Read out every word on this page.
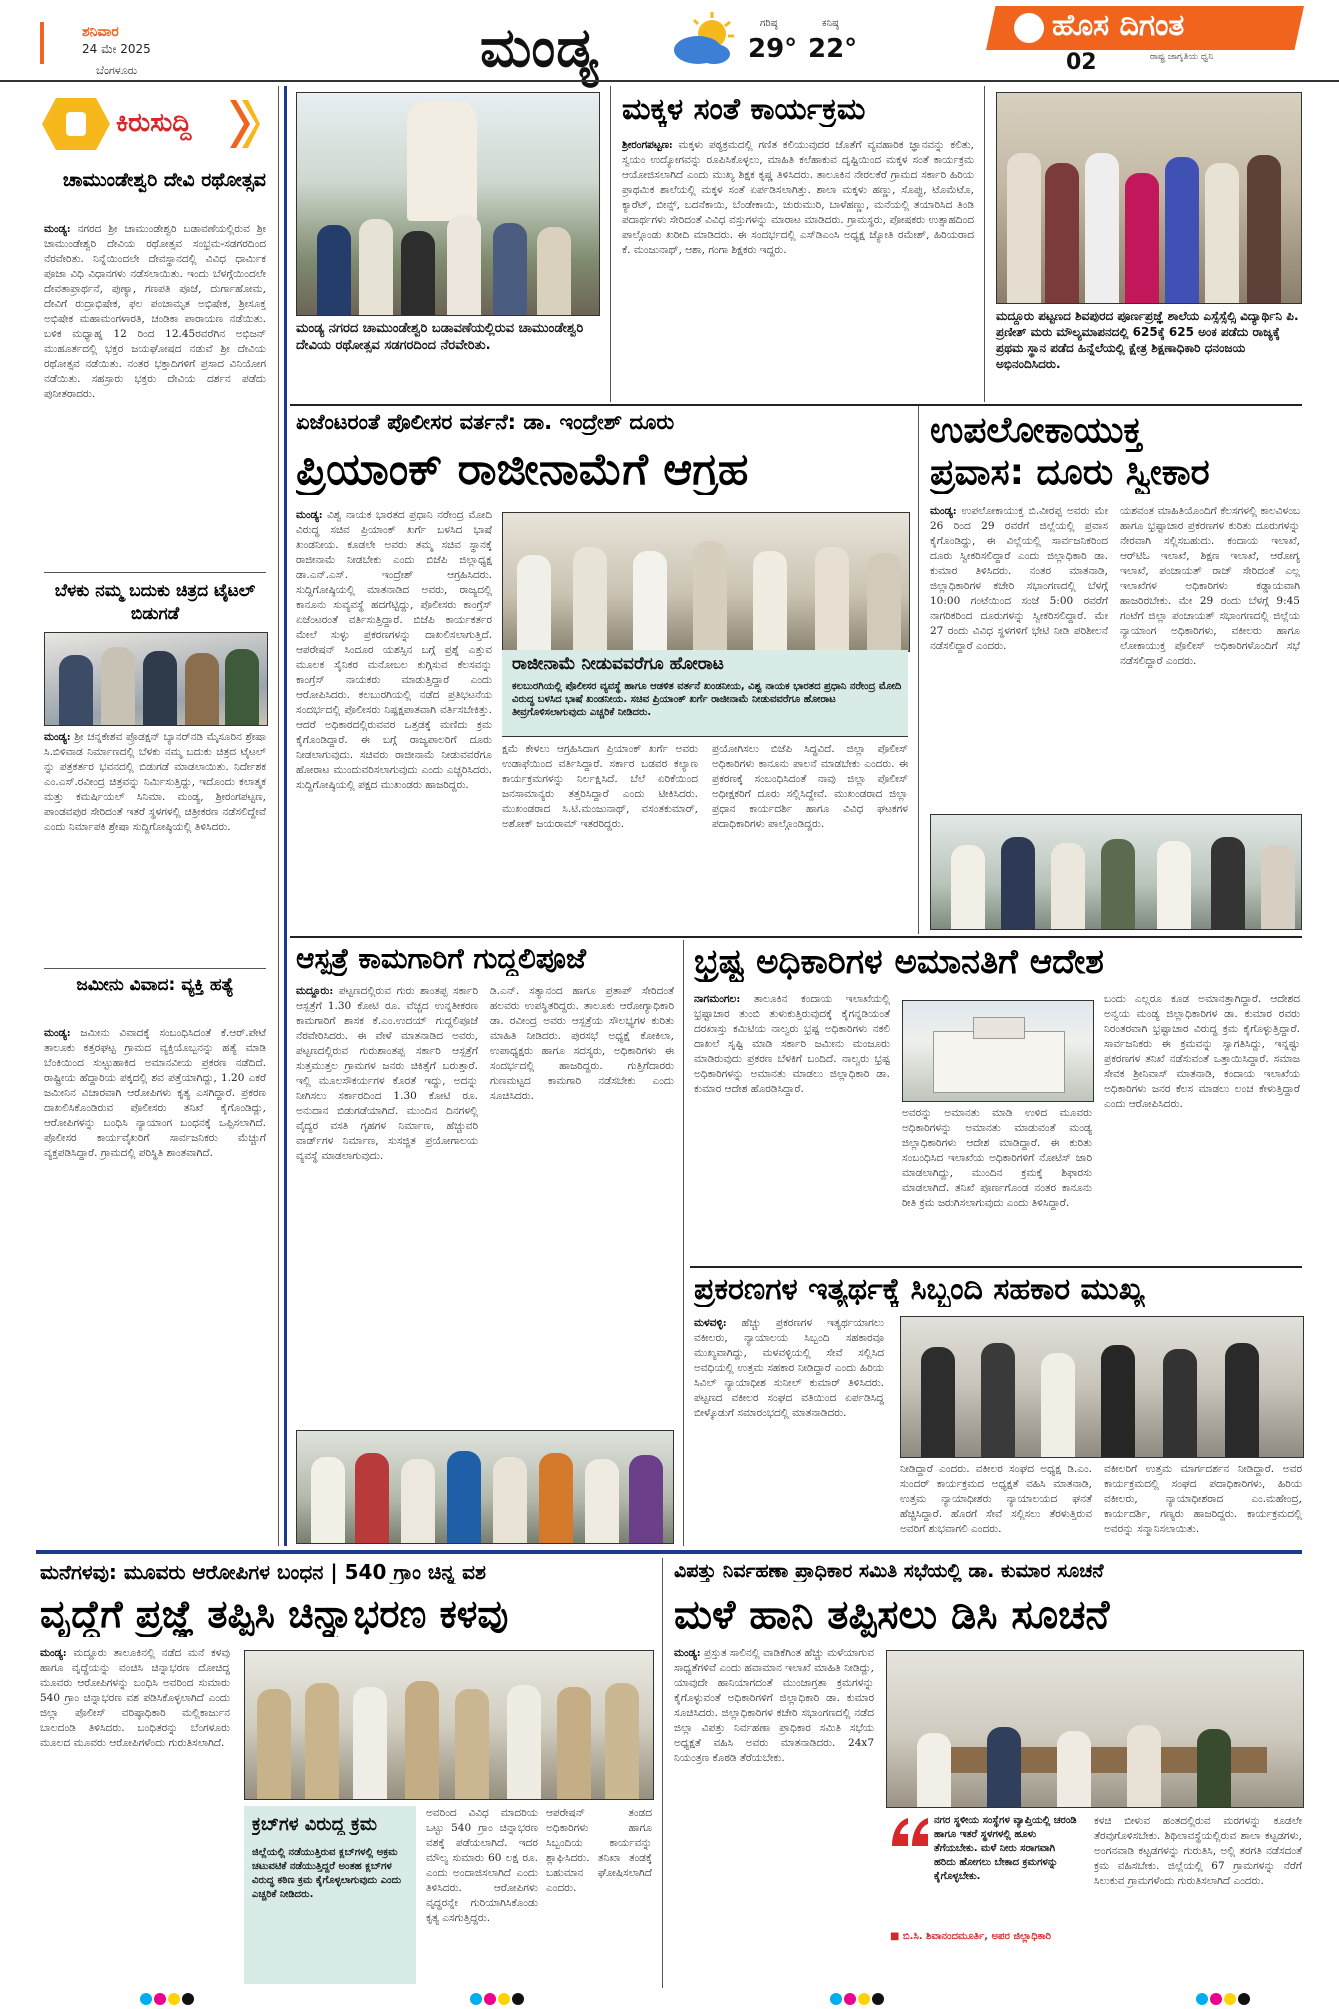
ಶನಿವಾರ
24 ಮೇ 2025
ಬೆಂಗಳೂರು	ಮಂಡ್ಯ	ಗರಿಷ್ಠ
29°
ಕನಿಷ್ಠ
22°
ಹೊಸ ದಿಗಂತ
ರಾಷ್ಟ್ರ ಜಾಗೃತಿಯ ಧ್ವನಿ
02
ಕಿರುಸುದ್ದಿ
ಚಾಮುಂಡೇಶ್ವರಿ ದೇವಿ ರಥೋತ್ಸವ
ಮಂಡ್ಯ: ನಗರದ ಶ್ರೀ ಚಾಮುಂಡೇಶ್ವರಿ ಬಡಾವಣೆಯಲ್ಲಿರುವ ಶ್ರೀ ಚಾಮುಂಡೇಶ್ವರಿ ದೇವಿಯ ರಥೋತ್ಸವ ಸಂಭ್ರಮ-ಸಡಗರದಿಂದ ನೆರವೇರಿತು. ನಿನ್ನೆಯಿಂದಲೇ ದೇವಸ್ಥಾನದಲ್ಲಿ ವಿವಿಧ ಧಾರ್ಮಿಕ ಪೂಜಾ ವಿಧಿ ವಿಧಾನಗಳು ನಡೆಸಲಾಯಿತು. ಇಂದು ಬೆಳಗ್ಗೆಯಿಂದಲೇ ದೇವತಾಪ್ರಾರ್ಥನೆ, ಪುಣ್ಯಾ, ಗಣಪತಿ ಪೂಜೆ, ದುರ್ಗಾಹೋಮ, ದೇವಿಗೆ ರುದ್ರಾಭಿಷೇಕ, ಫಲ ಪಂಚಾಮೃತ ಅಭಿಷೇಕ, ಶ್ರೀಸೂಕ್ತ ಅಭಿಷೇಕ ಮಹಾಮಂಗಳಾರತಿ, ಚಂಡಿಕಾ ಪಾರಾಯಣ ನಡೆಯಿತು. ಬಳಿಕ ಮಧ್ಯಾಹ್ನ 12 ರಿಂದ 12.45ರವರೆಗಿನ ಅಭಿಜನ್ ಮುಹೂರ್ತದಲ್ಲಿ ಭಕ್ತರ ಜಯಘೋಷದ ನಡುವೆ ಶ್ರೀ ದೇವಿಯ ರಥೋತ್ಸವ ನಡೆಯಿತು. ನಂತರ ಭಕ್ತಾದಿಗಳಿಗೆ ಪ್ರಸಾದ ವಿನಿಯೋಗ ನಡೆಯಿತು. ಸಹಸ್ರಾರು ಭಕ್ತರು ದೇವಿಯ ದರ್ಶನ ಪಡೆದು ಪುನೀತರಾದರು.
ಬೆಳಕು ನಮ್ಮ ಬದುಕು ಚಿತ್ರದ ಟೈಟಲ್ ಬಿಡುಗಡೆ
ಮಂಡ್ಯ: ಶ್ರೀ ಚನ್ನಕೇಶವ ಪ್ರೊಡಕ್ಷನ್ ಬ್ಯಾನರ್‌ನಡಿ ಮೈಸೂರಿನ ಶ್ರೇಷಾ ಸಿ.ಬಿಳಿವಾಡ ನಿರ್ಮಾಣದಲ್ಲಿ ಬೆಳಕು ನಮ್ಮ ಬದುಕು ಚಿತ್ರದ ಟೈಟಲ್ ನ್ನು ಪತ್ರಕರ್ತರ ಭವನದಲ್ಲಿ ಬಿಡುಗಡೆ ಮಾಡಲಾಯಿತು. ನಿರ್ದೇಶಕ ಎಂ.ಎಸ್.ರವೀಂದ್ರ ಚಿತ್ರವನ್ನು ನಿರ್ಮಿಸುತ್ತಿದ್ದು, ಇದೊಂದು ಕಲಾತ್ಮಕ ಮತ್ತು ಕಮರ್ಷಿಯಲ್ ಸಿನಿಮಾ. ಮಂಡ್ಯ, ಶ್ರೀರಂಗಪಟ್ಟಣ, ಪಾಂಡವಪುರ ಸೇರಿದಂತೆ ಇತರೆ ಸ್ಥಳಗಳಲ್ಲಿ ಚಿತ್ರೀಕರಣ ನಡೆಸಲಿದ್ದೇವೆ ಎಂದು ನಿರ್ಮಾಪಕಿ ಶ್ರೇಷಾ ಸುದ್ದಿಗೋಷ್ಠಿಯಲ್ಲಿ ತಿಳಿಸಿದರು.
ಜಮೀನು ವಿವಾದ: ವ್ಯಕ್ತಿ ಹತ್ಯೆ
ಮಂಡ್ಯ: ಜಮೀನು ವಿವಾದಕ್ಕೆ ಸಂಬಂಧಿಸಿದಂತೆ ಕೆ.ಆರ್.ಪೇಟೆ ತಾಲೂಕು ಕತ್ತರಘಟ್ಟ ಗ್ರಾಮದ ವ್ಯಕ್ತಿಯೊಬ್ಬನನ್ನು ಹತ್ಯೆ ಮಾಡಿ ಬೆಂಕಿಯಿಂದ ಸುಟ್ಟುಹಾಕಿದ ಅಮಾನವೀಯ ಪ್ರಕರಣ ನಡೆದಿದೆ. ರಾಷ್ಟ್ರೀಯ ಹೆದ್ದಾರಿಯ ಪಕ್ಕದಲ್ಲಿ ಶವ ಪತ್ತೆಯಾಗಿದ್ದು, 1.20 ಎಕರೆ ಜಮೀನಿನ ವಿಚಾರವಾಗಿ ಆರೋಪಿಗಳು ಕೃತ್ಯ ಎಸಗಿದ್ದಾರೆ. ಪ್ರಕರಣ ದಾಖಲಿಸಿಕೊಂಡಿರುವ ಪೊಲೀಸರು ತನಿಖೆ ಕೈಗೊಂಡಿದ್ದು, ಆರೋಪಿಗಳನ್ನು ಬಂಧಿಸಿ ನ್ಯಾಯಾಂಗ ಬಂಧನಕ್ಕೆ ಒಪ್ಪಿಸಲಾಗಿದೆ. ಪೊಲೀಸರ ಕಾರ್ಯವೈಖರಿಗೆ ಸಾರ್ವಜನಿಕರು ಮೆಚ್ಚುಗೆ ವ್ಯಕ್ತಪಡಿಸಿದ್ದಾರೆ. ಗ್ರಾಮದಲ್ಲಿ ಪರಿಸ್ಥಿತಿ ಶಾಂತವಾಗಿದೆ.
ಮಂಡ್ಯ ನಗರದ ಚಾಮುಂಡೇಶ್ವರಿ ಬಡಾವಣೆಯಲ್ಲಿರುವ ಚಾಮುಂಡೇಶ್ವರಿ ದೇವಿಯ ರಥೋತ್ಸವ ಸಡಗರದಿಂದ ನೆರವೇರಿತು.
ಮಕ್ಕಳ ಸಂತೆ ಕಾರ್ಯಕ್ರಮ
ಶ್ರೀರಂಗಪಟ್ಟಣ: ಮಕ್ಕಳು ಪಠ್ಯಕ್ರಮದಲ್ಲಿ ಗಣಿತ ಕಲಿಯುವುದರ ಜೊತೆಗೆ ವ್ಯವಹಾರಿಕ ಜ್ಞಾನವನ್ನು ಕಲಿತು, ಸ್ವಯಂ ಉದ್ಯೋಗವನ್ನು ರೂಪಿಸಿಕೊಳ್ಳಲು, ಮಾಹಿತಿ ಕಲೆಹಾಕುವ ದೃಷ್ಟಿಯಿಂದ ಮಕ್ಕಳ ಸಂತೆ ಕಾರ್ಯಕ್ರಮ ಆಯೋಜಿಸಲಾಗಿದೆ ಎಂದು ಮುಖ್ಯ ಶಿಕ್ಷಕ ಕೃಷ್ಣ ತಿಳಿಸಿದರು. ತಾಲೂಕಿನ ನೇರಲಕೆರೆ ಗ್ರಾಮದ ಸರ್ಕಾರಿ ಹಿರಿಯ ಪ್ರಾಥಮಿಕ ಶಾಲೆಯಲ್ಲಿ ಮಕ್ಕಳ ಸಂತೆ ಏರ್ಪಡಿಸಲಾಗಿತ್ತು. ಶಾಲಾ ಮಕ್ಕಳು ಹಣ್ಣು, ಸೊಪ್ಪು, ಟೊಮೆಟೊ, ಕ್ಯಾರೆಟ್, ಬೀನ್ಸ್, ಬದನೆಕಾಯಿ, ಬೆಂಡೇಕಾಯಿ, ಚುರುಮುರಿ, ಬಾಳೆಹಣ್ಣು, ಮನೆಯಲ್ಲಿ ತಯಾರಿಸಿದ ತಿಂಡಿ ಪದಾರ್ಥಗಳು ಸೇರಿದಂತೆ ವಿವಿಧ ವಸ್ತುಗಳನ್ನು ಮಾರಾಟ ಮಾಡಿದರು. ಗ್ರಾಮಸ್ಥರು, ಪೋಷಕರು ಉತ್ಸಾಹದಿಂದ ಪಾಲ್ಗೊಂಡು ಖರೀದಿ ಮಾಡಿದರು. ಈ ಸಂದರ್ಭದಲ್ಲಿ ಎಸ್‌ಡಿಎಂಸಿ ಅಧ್ಯಕ್ಷ ಜ್ಯೋತಿ ರಮೇಶ್, ಹಿರಿಯರಾದ ಕೆ. ಮಂಜುನಾಥ್, ಆಶಾ, ಗಂಗಾ ಶಿಕ್ಷಕರು ಇದ್ದರು.
ಮದ್ದೂರು ಪಟ್ಟಣದ ಶಿವಪುರದ ಪೂರ್ಣಪ್ರಜ್ಞೆ ಶಾಲೆಯ ಎಸ್ಸೆಸ್ಸೆಲ್ಸಿ ವಿದ್ಯಾರ್ಥಿನಿ ಪಿ. ಪ್ರಣೀತ್ ಮರು ಮೌಲ್ಯಮಾಪನದಲ್ಲಿ 625ಕ್ಕೆ 625 ಅಂಕ ಪಡೆದು ರಾಜ್ಯಕ್ಕೆ ಪ್ರಥಮ ಸ್ಥಾನ ಪಡೆದ ಹಿನ್ನೆಲೆಯಲ್ಲಿ ಕ್ಷೇತ್ರ ಶಿಕ್ಷಣಾಧಿಕಾರಿ ಧನಂಜಯ ಅಭಿನಂದಿಸಿದರು.
ಏಜೆಂಟರಂತೆ ಪೊಲೀಸರ ವರ್ತನೆ: ಡಾ. ಇಂದ್ರೇಶ್ ದೂರು
ಪ್ರಿಯಾಂಕ್ ರಾಜೀನಾಮೆಗೆ ಆಗ್ರಹ
ಮಂಡ್ಯ: ವಿಶ್ವ ನಾಯಕ ಭಾರತದ ಪ್ರಧಾನಿ ನರೇಂದ್ರ ಮೋದಿ ವಿರುದ್ಧ ಸಚಿವ ಪ್ರಿಯಾಂಕ್ ಖರ್ಗೆ ಬಳಸಿದ ಭಾಷೆ ಖಂಡನೀಯ. ಕೂಡಲೇ ಅವರು ತಮ್ಮ ಸಚಿವ ಸ್ಥಾನಕ್ಕೆ ರಾಜೀನಾಮೆ ನೀಡಬೇಕು ಎಂದು ಬಿಜೆಪಿ ಜಿಲ್ಲಾಧ್ಯಕ್ಷ ಡಾ.ಎನ್.ಎಸ್. ಇಂದ್ರೇಶ್ ಆಗ್ರಹಿಸಿದರು. ಸುದ್ದಿಗೋಷ್ಠಿಯಲ್ಲಿ ಮಾತನಾಡಿದ ಅವರು, ರಾಜ್ಯದಲ್ಲಿ ಕಾನೂನು ಸುವ್ಯವಸ್ಥೆ ಹದಗೆಟ್ಟಿದ್ದು, ಪೊಲೀಸರು ಕಾಂಗ್ರೆಸ್ ಏಜೆಂಟರಂತೆ ವರ್ತಿಸುತ್ತಿದ್ದಾರೆ. ಬಿಜೆಪಿ ಕಾರ್ಯಕರ್ತರ ಮೇಲೆ ಸುಳ್ಳು ಪ್ರಕರಣಗಳನ್ನು ದಾಖಲಿಸಲಾಗುತ್ತಿದೆ. ಆಪರೇಷನ್ ಸಿಂದೂರ ಯಶಸ್ಸಿನ ಬಗ್ಗೆ ಪ್ರಶ್ನೆ ಎತ್ತುವ ಮೂಲಕ ಸೈನಿಕರ ಮನೋಬಲ ಕುಗ್ಗಿಸುವ ಕೆಲಸವನ್ನು ಕಾಂಗ್ರೆಸ್ ನಾಯಕರು ಮಾಡುತ್ತಿದ್ದಾರೆ ಎಂದು ಆರೋಪಿಸಿದರು. ಕಲಬುರಗಿಯಲ್ಲಿ ನಡೆದ ಪ್ರತಿಭಟನೆಯ ಸಂದರ್ಭದಲ್ಲಿ ಪೊಲೀಸರು ನಿಷ್ಪಕ್ಷಪಾತವಾಗಿ ವರ್ತಿಸಬೇಕಿತ್ತು. ಆದರೆ ಅಧಿಕಾರದಲ್ಲಿರುವವರ ಒತ್ತಡಕ್ಕೆ ಮಣಿದು ಕ್ರಮ ಕೈಗೊಂಡಿದ್ದಾರೆ. ಈ ಬಗ್ಗೆ ರಾಜ್ಯಪಾಲರಿಗೆ ದೂರು ನೀಡಲಾಗುವುದು. ಸಚಿವರು ರಾಜೀನಾಮೆ ನೀಡುವವರೆಗೂ ಹೋರಾಟ ಮುಂದುವರಿಸಲಾಗುವುದು ಎಂದು ಎಚ್ಚರಿಸಿದರು. ಸುದ್ದಿಗೋಷ್ಠಿಯಲ್ಲಿ ಪಕ್ಷದ ಮುಖಂಡರು ಹಾಜರಿದ್ದರು.
ರಾಜೀನಾಮೆ ನೀಡುವವರೆಗೂ ಹೋರಾಟ
ಕಲಬುರಗಿಯಲ್ಲಿ ಪೊಲೀಸರ ವ್ಯವಸ್ಥೆ ಹಾಗೂ ಆಡಳಿತ ವರ್ತನೆ ಖಂಡನೀಯ, ವಿಶ್ವ ನಾಯಕ ಭಾರತದ ಪ್ರಧಾನಿ ನರೇಂದ್ರ ಮೋದಿ ವಿರುದ್ಧ ಬಳಸಿದ ಭಾಷೆ ಖಂಡನೀಯ. ಸಚಿವ ಪ್ರಿಯಾಂಕ್ ಖರ್ಗೆ ರಾಜೀನಾಮೆ ನೀಡುವವರೆಗೂ ಹೋರಾಟ ತೀವ್ರಗೊಳಿಸಲಾಗುವುದು ಎಚ್ಚರಿಕೆ ನೀಡಿದರು.
ಕ್ಷಮೆ ಕೇಳಲು ಆಗ್ರಹಿಸಿದಾಗ ಪ್ರಿಯಾಂಕ್ ಖರ್ಗೆ ಅವರು ಉಡಾಫೆಯಿಂದ ವರ್ತಿಸಿದ್ದಾರೆ. ಸರ್ಕಾರ ಬಡವರ ಕಲ್ಯಾಣ ಕಾರ್ಯಕ್ರಮಗಳನ್ನು ನಿರ್ಲಕ್ಷಿಸಿದೆ. ಬೆಲೆ ಏರಿಕೆಯಿಂದ ಜನಸಾಮಾನ್ಯರು ತತ್ತರಿಸಿದ್ದಾರೆ ಎಂದು ಟೀಕಿಸಿದರು. ಮುಖಂಡರಾದ ಸಿ.ಟಿ.ಮಂಜುನಾಥ್, ವಸಂತಕುಮಾರ್, ಅಶೋಕ್ ಜಯರಾಮ್ ಇತರರಿದ್ದರು.
ಪ್ರಯೋಗಿಸಲು ಬಿಜೆಪಿ ಸಿದ್ಧವಿದೆ. ಜಿಲ್ಲಾ ಪೊಲೀಸ್ ಅಧಿಕಾರಿಗಳು ಕಾನೂನು ಪಾಲನೆ ಮಾಡಬೇಕು ಎಂದರು. ಈ ಪ್ರಕರಣಕ್ಕೆ ಸಂಬಂಧಿಸಿದಂತೆ ನಾವು ಜಿಲ್ಲಾ ಪೊಲೀಸ್ ಅಧೀಕ್ಷಕರಿಗೆ ದೂರು ಸಲ್ಲಿಸಿದ್ದೇವೆ. ಮುಖಂಡರಾದ ಜಿಲ್ಲಾ ಪ್ರಧಾನ ಕಾರ್ಯದರ್ಶಿ ಹಾಗೂ ವಿವಿಧ ಘಟಕಗಳ ಪದಾಧಿಕಾರಿಗಳು ಪಾಲ್ಗೊಂಡಿದ್ದರು.
ಉಪಲೋಕಾಯುಕ್ತ
ಪ್ರವಾಸ: ದೂರು ಸ್ವೀಕಾರ
ಮಂಡ್ಯ: ಉಪಲೋಕಾಯುಕ್ತ ಬಿ.ವೀರಪ್ಪ ಅವರು ಮೇ 26 ರಿಂದ 29 ರವರೆಗೆ ಜಿಲ್ಲೆಯಲ್ಲಿ ಪ್ರವಾಸ ಕೈಗೊಂಡಿದ್ದು, ಈ ವಿಲ್ಲೆಯಲ್ಲಿ ಸಾರ್ವಜನಿಕರಿಂದ ದೂರು ಸ್ವೀಕರಿಸಲಿದ್ದಾರೆ ಎಂದು ಜಿಲ್ಲಾಧಿಕಾರಿ ಡಾ. ಕುಮಾರ ತಿಳಿಸಿದರು. ನಂತರ ಮಾತನಾಡಿ, ಜಿಲ್ಲಾಧಿಕಾರಿಗಳ ಕಚೇರಿ ಸಭಾಂಗಣದಲ್ಲಿ ಬೆಳಗ್ಗೆ 10:00 ಗಂಟೆಯಿಂದ ಸಂಜೆ 5:00 ರವರೆಗೆ ನಾಗರಿಕರಿಂದ ದೂರುಗಳನ್ನು ಸ್ವೀಕರಿಸಲಿದ್ದಾರೆ. ಮೇ 27 ರಂದು ವಿವಿಧ ಸ್ಥಳಗಳಿಗೆ ಭೇಟಿ ನೀಡಿ ಪರಿಶೀಲನೆ ನಡೆಸಲಿದ್ದಾರೆ ಎಂದರು.
ಯಶವಂತ ಮಾಹಿತಿಯೊಂದಿಗೆ ಕೆಲಸಗಳಲ್ಲಿ ಕಾಲವಿಳಂಬ ಹಾಗೂ ಭ್ರಷ್ಟಾಚಾರ ಪ್ರಕರಣಗಳ ಕುರಿತು ದೂರುಗಳನ್ನು ನೇರವಾಗಿ ಸಲ್ಲಿಸಬಹುದು. ಕಂದಾಯ ಇಲಾಖೆ, ಆರ್‌ಟಿಓ ಇಲಾಖೆ, ಶಿಕ್ಷಣ ಇಲಾಖೆ, ಆರೋಗ್ಯ ಇಲಾಖೆ, ಪಂಚಾಯತ್ ರಾಜ್ ಸೇರಿದಂತೆ ಎಲ್ಲ ಇಲಾಖೆಗಳ ಅಧಿಕಾರಿಗಳು ಕಡ್ಡಾಯವಾಗಿ ಹಾಜರಿರಬೇಕು. ಮೇ 29 ರಂದು ಬೆಳಗ್ಗೆ 9:45 ಗಂಟೆಗೆ ಜಿಲ್ಲಾ ಪಂಚಾಯತ್ ಸಭಾಂಗಣದಲ್ಲಿ ಜಿಲ್ಲೆಯ ನ್ಯಾಯಾಂಗ ಅಧಿಕಾರಿಗಳು, ವಕೀಲರು ಹಾಗೂ ಲೋಕಾಯುಕ್ತ ಪೊಲೀಸ್ ಅಧಿಕಾರಿಗಳೊಂದಿಗೆ ಸಭೆ ನಡೆಸಲಿದ್ದಾರೆ ಎಂದರು.
ಆಸ್ಪತ್ರೆ ಕಾಮಗಾರಿಗೆ ಗುದ್ದಲಿಪೂಜೆ
ಮದ್ದೂರು: ಪಟ್ಟಣದಲ್ಲಿರುವ ಗುರು ಶಾಂತಪ್ಪ ಸರ್ಕಾರಿ ಆಸ್ಪತ್ರೆಗೆ 1.30 ಕೋಟಿ ರೂ. ವೆಚ್ಚದ ಉನ್ನತೀಕರಣ ಕಾಮಗಾರಿಗೆ ಶಾಸಕ ಕೆ.ಎಂ.ಉದಯ್ ಗುದ್ದಲಿಪೂಜೆ ನೆರವೇರಿಸಿದರು. ಈ ವೇಳೆ ಮಾತನಾಡಿದ ಅವರು, ಪಟ್ಟಣದಲ್ಲಿರುವ ಗುರುಶಾಂತಪ್ಪ ಸರ್ಕಾರಿ ಆಸ್ಪತ್ರೆಗೆ ಸುತ್ತಮುತ್ತಲ ಗ್ರಾಮಗಳ ಜನರು ಚಿಕಿತ್ಸೆಗೆ ಬರುತ್ತಾರೆ. ಇಲ್ಲಿ ಮೂಲಸೌಕರ್ಯಗಳ ಕೊರತೆ ಇದ್ದು, ಅದನ್ನು ನೀಗಿಸಲು ಸರ್ಕಾರದಿಂದ 1.30 ಕೋಟಿ ರೂ. ಅನುದಾನ ಬಿಡುಗಡೆಯಾಗಿದೆ. ಮುಂದಿನ ದಿನಗಳಲ್ಲಿ ವೈದ್ಯರ ವಸತಿ ಗೃಹಗಳ ನಿರ್ಮಾಣ, ಹೆಚ್ಚುವರಿ ವಾರ್ಡ್‌ಗಳ ನಿರ್ಮಾಣ, ಸುಸಜ್ಜಿತ ಪ್ರಯೋಗಾಲಯ ವ್ಯವಸ್ಥೆ ಮಾಡಲಾಗುವುದು.
ಡಿ.ಎನ್. ಸತ್ಯಾನಂದ ಹಾಗೂ ಪ್ರತಾಪ್ ಸೇರಿದಂತೆ ಹಲವರು ಉಪಸ್ಥಿತರಿದ್ದರು. ತಾಲೂಕು ಆರೋಗ್ಯಾಧಿಕಾರಿ ಡಾ. ರವೀಂದ್ರ ಅವರು ಆಸ್ಪತ್ರೆಯ ಸೌಲಭ್ಯಗಳ ಕುರಿತು ಮಾಹಿತಿ ನೀಡಿದರು. ಪುರಸಭೆ ಅಧ್ಯಕ್ಷೆ ಕೋಕಿಲಾ, ಉಪಾಧ್ಯಕ್ಷರು ಹಾಗೂ ಸದಸ್ಯರು, ಅಧಿಕಾರಿಗಳು ಈ ಸಂದರ್ಭದಲ್ಲಿ ಹಾಜರಿದ್ದರು. ಗುತ್ತಿಗೆದಾರರು ಗುಣಮಟ್ಟದ ಕಾಮಗಾರಿ ನಡೆಸಬೇಕು ಎಂದು ಸೂಚಿಸಿದರು.
ಭ್ರಷ್ಟ ಅಧಿಕಾರಿಗಳ ಅಮಾನತಿಗೆ ಆದೇಶ
ನಾಗಮಂಗಲ: ತಾಲೂಕಿನ ಕಂದಾಯ ಇಲಾಖೆಯಲ್ಲಿ ಭ್ರಷ್ಟಾಚಾರ ತುಂಬಿ ತುಳುಕುತ್ತಿರುವುದಕ್ಕೆ ಕೈಗನ್ನಡಿಯಂತೆ ದರಖಾಸ್ತು ಕಮಿಟಿಯ ನಾಲ್ವರು ಭ್ರಷ್ಟ ಅಧಿಕಾರಿಗಳು ನಕಲಿ ದಾಖಲೆ ಸೃಷ್ಟಿ ಮಾಡಿ ಸರ್ಕಾರಿ ಜಮೀನು ಮಂಜೂರು ಮಾಡಿರುವುದು ಪ್ರಕರಣ ಬೆಳಕಿಗೆ ಬಂದಿದೆ. ನಾಲ್ವರು ಭ್ರಷ್ಟ ಅಧಿಕಾರಿಗಳನ್ನು ಅಮಾನತು ಮಾಡಲು ಜಿಲ್ಲಾಧಿಕಾರಿ ಡಾ. ಕುಮಾರ ಆದೇಶ ಹೊರಡಿಸಿದ್ದಾರೆ.
ಅವರನ್ನು ಅಮಾನತು ಮಾಡಿ ಉಳಿದ ಮೂವರು ಅಧಿಕಾರಿಗಳನ್ನು ಅಮಾನತು ಮಾಡುವಂತೆ ಮಂಡ್ಯ ಜಿಲ್ಲಾಧಿಕಾರಿಗಳು ಆದೇಶ ಮಾಡಿದ್ದಾರೆ. ಈ ಕುರಿತು ಸಂಬಂಧಿಸಿದ ಇಲಾಖೆಯ ಅಧಿಕಾರಿಗಳಿಗೆ ನೋಟಿಸ್ ಜಾರಿ ಮಾಡಲಾಗಿದ್ದು, ಮುಂದಿನ ಕ್ರಮಕ್ಕೆ ಶಿಫಾರಸು ಮಾಡಲಾಗಿದೆ. ತನಿಖೆ ಪೂರ್ಣಗೊಂಡ ನಂತರ ಕಾನೂನು ರೀತಿ ಕ್ರಮ ಜರುಗಿಸಲಾಗುವುದು ಎಂದು ತಿಳಿಸಿದ್ದಾರೆ.
ಬಂದು ಎಲ್ಲರೂ ಕೂಡ ಅಮಾನತ್ತಾಗಿದ್ದಾರೆ. ಆದೇಶದ ಅನ್ವಯ ಮಂಡ್ಯ ಜಿಲ್ಲಾಧಿಕಾರಿಗಳ ಡಾ. ಕುಮಾರ ರವರು ನಿರಂತರವಾಗಿ ಭ್ರಷ್ಟಾಚಾರ ವಿರುದ್ಧ ಕ್ರಮ ಕೈಗೊಳ್ಳುತ್ತಿದ್ದಾರೆ. ಸಾರ್ವಜನಿಕರು ಈ ಕ್ರಮವನ್ನು ಸ್ವಾಗತಿಸಿದ್ದು, ಇನ್ನಷ್ಟು ಪ್ರಕರಣಗಳ ತನಿಖೆ ನಡೆಸುವಂತೆ ಒತ್ತಾಯಿಸಿದ್ದಾರೆ. ಸಮಾಜ ಸೇವಕ ಶ್ರೀನಿವಾಸ್ ಮಾತನಾಡಿ, ಕಂದಾಯ ಇಲಾಖೆಯ ಅಧಿಕಾರಿಗಳು ಜನರ ಕೆಲಸ ಮಾಡಲು ಲಂಚ ಕೇಳುತ್ತಿದ್ದಾರೆ ಎಂದು ಆರೋಪಿಸಿದರು.
ಪ್ರಕರಣಗಳ ಇತ್ಯರ್ಥಕ್ಕೆ ಸಿಬ್ಬಂದಿ ಸಹಕಾರ ಮುಖ್ಯ
ಮಳವಳ್ಳಿ: ಹೆಚ್ಚು ಪ್ರಕರಣಗಳ ಇತ್ಯರ್ಥಯಾಗಲು ವಕೀಲರು, ನ್ಯಾಯಾಲಯ ಸಿಬ್ಬಂದಿ ಸಹಕಾರವೂ ಮುಖ್ಯವಾಗಿದ್ದು, ಮಳವಳ್ಳಿಯಲ್ಲಿ ಸೇವೆ ಸಲ್ಲಿಸಿದ ಅವಧಿಯಲ್ಲಿ ಉತ್ತಮ ಸಹಕಾರ ನೀಡಿದ್ದಾರೆ ಎಂದು ಹಿರಿಯ ಸಿವಿಲ್ ನ್ಯಾಯಾಧೀಶ ಸುನೀಲ್ ಕುಮಾರ್ ತಿಳಿಸಿದರು. ಪಟ್ಟಣದ ವಕೀಲರ ಸಂಘದ ವತಿಯಿಂದ ಏರ್ಪಡಿಸಿದ್ದ ಬೀಳ್ಕೊಡುಗೆ ಸಮಾರಂಭದಲ್ಲಿ ಮಾತನಾಡಿದರು.
ನೀಡಿದ್ದಾರೆ ಎಂದರು. ವಕೀಲರ ಸಂಘದ ಅಧ್ಯಕ್ಷ ಡಿ.ಎಂ. ಸುಂದರ್ ಕಾರ್ಯಕ್ರಮದ ಅಧ್ಯಕ್ಷತೆ ವಹಿಸಿ ಮಾತನಾಡಿ, ಉತ್ತಮ ನ್ಯಾಯಾಧೀಶರು ನ್ಯಾಯಾಲಯದ ಘನತೆ ಹೆಚ್ಚಿಸಿದ್ದಾರೆ. ಹೊರಗೆ ಸೇವೆ ಸಲ್ಲಿಸಲು ತೆರಳುತ್ತಿರುವ ಅವರಿಗೆ ಶುಭವಾಗಲಿ ಎಂದರು.
ವಕೀಲರಿಗೆ ಉತ್ತಮ ಮಾರ್ಗದರ್ಶನ ನೀಡಿದ್ದಾರೆ. ಅವರ ಕಾರ್ಯಕ್ರಮದಲ್ಲಿ ಸಂಘದ ಪದಾಧಿಕಾರಿಗಳು, ಹಿರಿಯ ವಕೀಲರು, ನ್ಯಾಯಾಧೀಶರಾದ ಎಂ.ಮಹೇಂದ್ರ, ಕಾರ್ಯದರ್ಶಿ, ಗಣ್ಯರು ಹಾಜರಿದ್ದರು. ಕಾರ್ಯಕ್ರಮದಲ್ಲಿ ಅವರನ್ನು ಸನ್ಮಾನಿಸಲಾಯಿತು.
ಮನೆಗಳವು: ಮೂವರು ಆರೋಪಿಗಳ ಬಂಧನ | 540 ಗ್ರಾಂ ಚಿನ್ನ ವಶ
ವೃದ್ಧೆಗೆ ಪ್ರಜ್ಞೆ ತಪ್ಪಿಸಿ ಚಿನ್ನಾಭರಣ ಕಳವು
ಮಂಡ್ಯ: ಮದ್ದೂರು ತಾಲೂಕಿನಲ್ಲಿ ನಡೆದ ಮನೆ ಕಳವು ಹಾಗೂ ವೃದ್ಧೆಯನ್ನು ವಂಚಿಸಿ ಚಿನ್ನಾಭರಣ ದೋಚಿದ್ದ ಮೂವರು ಆರೋಪಿಗಳನ್ನು ಬಂಧಿಸಿ ಅವರಿಂದ ಸುಮಾರು 540 ಗ್ರಾಂ ಚಿನ್ನಾಭರಣ ವಶ ಪಡಿಸಿಕೊಳ್ಳಲಾಗಿದೆ ಎಂದು ಜಿಲ್ಲಾ ಪೊಲೀಸ್ ವರಿಷ್ಠಾಧಿಕಾರಿ ಮಲ್ಲಿಕಾರ್ಜುನ ಬಾಲದಂಡಿ ತಿಳಿಸಿದರು. ಬಂಧಿತರನ್ನು ಬೆಂಗಳೂರು ಮೂಲದ ಮೂವರು ಆರೋಪಿಗಳೆಂದು ಗುರುತಿಸಲಾಗಿದೆ.
ಕ್ರಬ್‌ಗಳ ವಿರುದ್ಧ ಕ್ರಮ
ಜಿಲ್ಲೆಯಲ್ಲಿ ನಡೆಯುತ್ತಿರುವ ಕ್ಲಬ್‌ಗಳಲ್ಲಿ ಅಕ್ರಮ ಚಟುವಟಿಕೆ ನಡೆಯುತ್ತಿದ್ದರೆ ಅಂತಹ ಕ್ಲಬ್‌ಗಳ ವಿರುದ್ಧ ಕಠಿಣ ಕ್ರಮ ಕೈಗೊಳ್ಳಲಾಗುವುದು ಎಂದು ಎಚ್ಚರಿಕೆ ನೀಡಿದರು.
ಅವರಿಂದ ವಿವಿಧ ಮಾದರಿಯ ಒಟ್ಟು 540 ಗ್ರಾಂ ಚಿನ್ನಾಭರಣ ವಶಕ್ಕೆ ಪಡೆಯಲಾಗಿದೆ. ಇದರ ಮೌಲ್ಯ ಸುಮಾರು 60 ಲಕ್ಷ ರೂ. ಎಂದು ಅಂದಾಜಿಸಲಾಗಿದೆ ಎಂದು ತಿಳಿಸಿದರು. ಆರೋಪಿಗಳು ವೃದ್ಧರನ್ನೇ ಗುರಿಯಾಗಿಸಿಕೊಂಡು ಕೃತ್ಯ ಎಸಗುತ್ತಿದ್ದರು.
ಆಪರೇಷನ್ ತಂಡದ ಅಧಿಕಾರಿಗಳು ಹಾಗೂ ಸಿಬ್ಬಂದಿಯ ಕಾರ್ಯವನ್ನು ಶ್ಲಾಘಿಸಿದರು. ತನಿಖಾ ತಂಡಕ್ಕೆ ಬಹುಮಾನ ಘೋಷಿಸಲಾಗಿದೆ ಎಂದರು.
ವಿಪತ್ತು ನಿರ್ವಹಣಾ ಪ್ರಾಧಿಕಾರ ಸಮಿತಿ ಸಭೆಯಲ್ಲಿ ಡಾ. ಕುಮಾರ ಸೂಚನೆ
ಮಳೆ ಹಾನಿ ತಪ್ಪಿಸಲು ಡಿಸಿ ಸೂಚನೆ
ಮಂಡ್ಯ: ಪ್ರಸ್ತುತ ಸಾಲಿನಲ್ಲಿ ವಾಡಿಕೆಗಿಂತ ಹೆಚ್ಚು ಮಳೆಯಾಗುವ ಸಾಧ್ಯತೆಗಳಿವೆ ಎಂದು ಹವಾಮಾನ ಇಲಾಖೆ ಮಾಹಿತಿ ನೀಡಿದ್ದು, ಯಾವುದೇ ಹಾನಿಯಾಗದಂತೆ ಮುಂಜಾಗ್ರತಾ ಕ್ರಮಗಳನ್ನು ಕೈಗೊಳ್ಳುವಂತೆ ಅಧಿಕಾರಿಗಳಿಗೆ ಜಿಲ್ಲಾಧಿಕಾರಿ ಡಾ. ಕುಮಾರ ಸೂಚಿಸಿದರು. ಜಿಲ್ಲಾಧಿಕಾರಿಗಳ ಕಚೇರಿ ಸಭಾಂಗಣದಲ್ಲಿ ನಡೆದ ಜಿಲ್ಲಾ ವಿಪತ್ತು ನಿರ್ವಹಣಾ ಪ್ರಾಧಿಕಾರ ಸಮಿತಿ ಸಭೆಯ ಅಧ್ಯಕ್ಷತೆ ವಹಿಸಿ ಅವರು ಮಾತನಾಡಿದರು. 24x7 ನಿಯಂತ್ರಣ ಕೊಠಡಿ ತೆರೆಯಬೇಕು.
ನಗರ ಸ್ಥಳೀಯ ಸಂಸ್ಥೆಗಳ ವ್ಯಾಪ್ತಿಯಲ್ಲಿ ಚರಂಡಿ ಹಾಗೂ ಇತರೆ ಸ್ಥಳಗಳಲ್ಲಿ ಹೂಳು ತೆಗೆಯಬೇಕು. ಮಳೆ ನೀರು ಸರಾಗವಾಗಿ ಹರಿದು ಹೋಗಲು ಬೇಕಾದ ಕ್ರಮಗಳನ್ನು ಕೈಗೊಳ್ಳಬೇಕು.
■ ಬಿ.ಸಿ. ಶಿವಾನಂದಮೂರ್ತಿ, ಅಪರ ಜಿಲ್ಲಾಧಿಕಾರಿ
ಕಳಚಿ ಬೀಳುವ ಹಂತದಲ್ಲಿರುವ ಮರಗಳನ್ನು ಕೂಡಲೇ ತೆರವುಗೊಳಿಸಬೇಕು. ಶಿಥಿಲಾವಸ್ಥೆಯಲ್ಲಿರುವ ಶಾಲಾ ಕಟ್ಟಡಗಳು, ಅಂಗನವಾಡಿ ಕಟ್ಟಡಗಳನ್ನು ಗುರುತಿಸಿ, ಅಲ್ಲಿ ತರಗತಿ ನಡೆಸದಂತೆ ಕ್ರಮ ವಹಿಸಬೇಕು. ಜಿಲ್ಲೆಯಲ್ಲಿ 67 ಗ್ರಾಮಗಳನ್ನು ನೆರೆಗೆ ಸಿಲುಕುವ ಗ್ರಾಮಗಳೆಂದು ಗುರುತಿಸಲಾಗಿದೆ ಎಂದರು.
